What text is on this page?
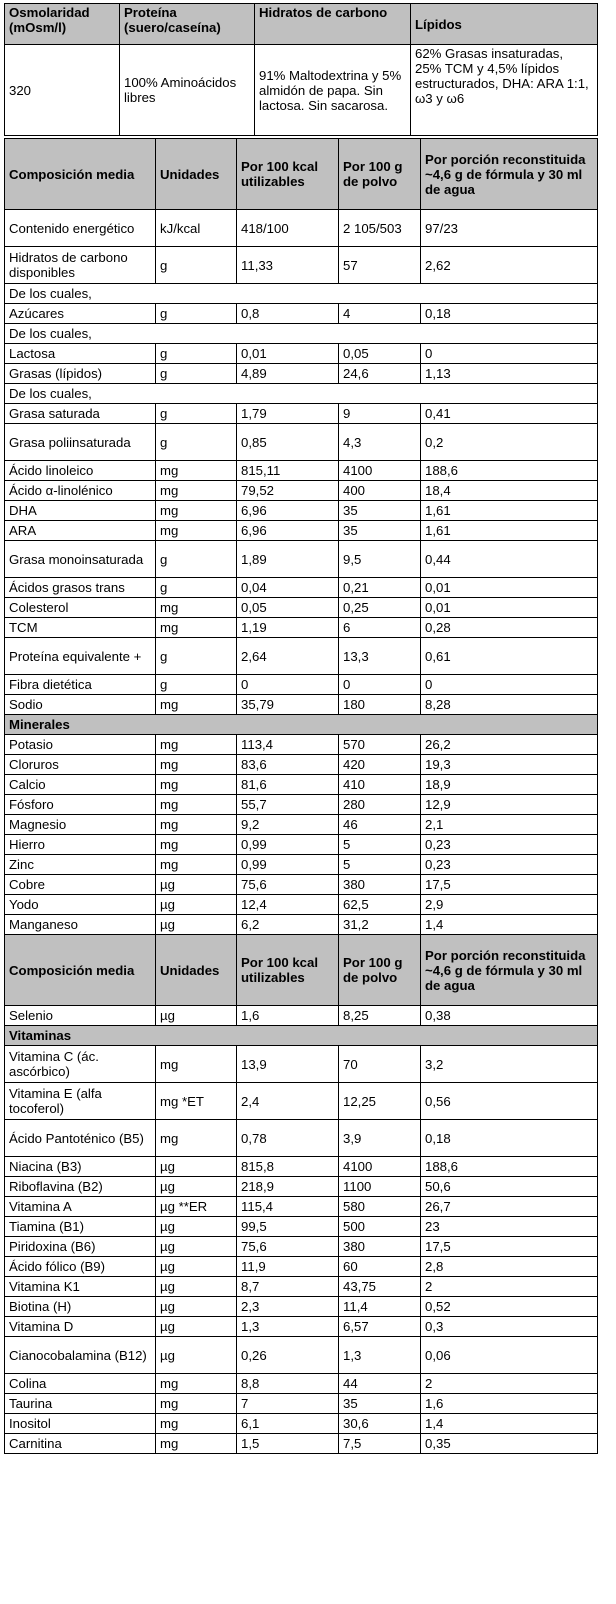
Osmolaridad (mOsm/l)	Proteína (suero/caseína)	Hidratos de carbono	Lípidos
320	100% Aminoácidos libres	91% Maltodextrina y 5% almidón de papa. Sin lactosa. Sin sacarosa.	62% Grasas insaturadas, 25% TCM y 4,5% lípidos estructurados, DHA: ARA 1:1, ω3 y ω6
Composición media	Unidades	Por 100 kcal utilizables	Por 100 g de polvo	Por porción reconstituida ~4,6 g de fórmula y 30 ml de agua
Contenido energético	kJ/kcal	418/100	2 105/503	97/23
Hidratos de carbono disponibles	g	11,33	57	2,62
De los cuales,				
Azúcares	g	0,8	4	0,18
De los cuales,				
Lactosa	g	0,01	0,05	0
Grasas (lípidos)	g	4,89	24,6	1,13
De los cuales,				
Grasa saturada	g	1,79	9	0,41
Grasa poliinsaturada	g	0,85	4,3	0,2
Ácido linoleico	mg	815,11	4100	188,6
Ácido α-linolénico	mg	79,52	400	18,4
DHA	mg	6,96	35	1,61
ARA	mg	6,96	35	1,61
Grasa monoinsaturada	g	1,89	9,5	0,44
Ácidos grasos trans	g	0,04	0,21	0,01
Colesterol	mg	0,05	0,25	0,01
TCM	mg	1,19	6	0,28
Proteína equivalente +	g	2,64	13,3	0,61
Fibra dietética	g	0	0	0
Sodio	mg	35,79	180	8,28
Minerales				
Potasio	mg	113,4	570	26,2
Cloruros	mg	83,6	420	19,3
Calcio	mg	81,6	410	18,9
Fósforo	mg	55,7	280	12,9
Magnesio	mg	9,2	46	2,1
Hierro	mg	0,99	5	0,23
Zinc	mg	0,99	5	0,23
Cobre	µg	75,6	380	17,5
Yodo	µg	12,4	62,5	2,9
Manganeso	µg	6,2	31,2	1,4
Composición media	Unidades	Por 100 kcal utilizables	Por 100 g de polvo	Por porción reconstituida ~4,6 g de fórmula y 30 ml de agua
Selenio	µg	1,6	8,25	0,38
Vitaminas				
Vitamina C (ác. ascórbico)	mg	13,9	70	3,2
Vitamina E (alfa tocoferol)	mg *ET	2,4	12,25	0,56
Ácido Pantoténico (B5)	mg	0,78	3,9	0,18
Niacina (B3)	µg	815,8	4100	188,6
Riboflavina (B2)	µg	218,9	1100	50,6
Vitamina A	µg **ER	115,4	580	26,7
Tiamina (B1)	µg	99,5	500	23
Piridoxina (B6)	µg	75,6	380	17,5
Ácido fólico (B9)	µg	11,9	60	2,8
Vitamina K1	µg	8,7	43,75	2
Biotina (H)	µg	2,3	11,4	0,52
Vitamina D	µg	1,3	6,57	0,3
Cianocobalamina (B12)	µg	0,26	1,3	0,06
Colina	mg	8,8	44	2
Taurina	mg	7	35	1,6
Inositol	mg	6,1	30,6	1,4
Carnitina	mg	1,5	7,5	0,35
